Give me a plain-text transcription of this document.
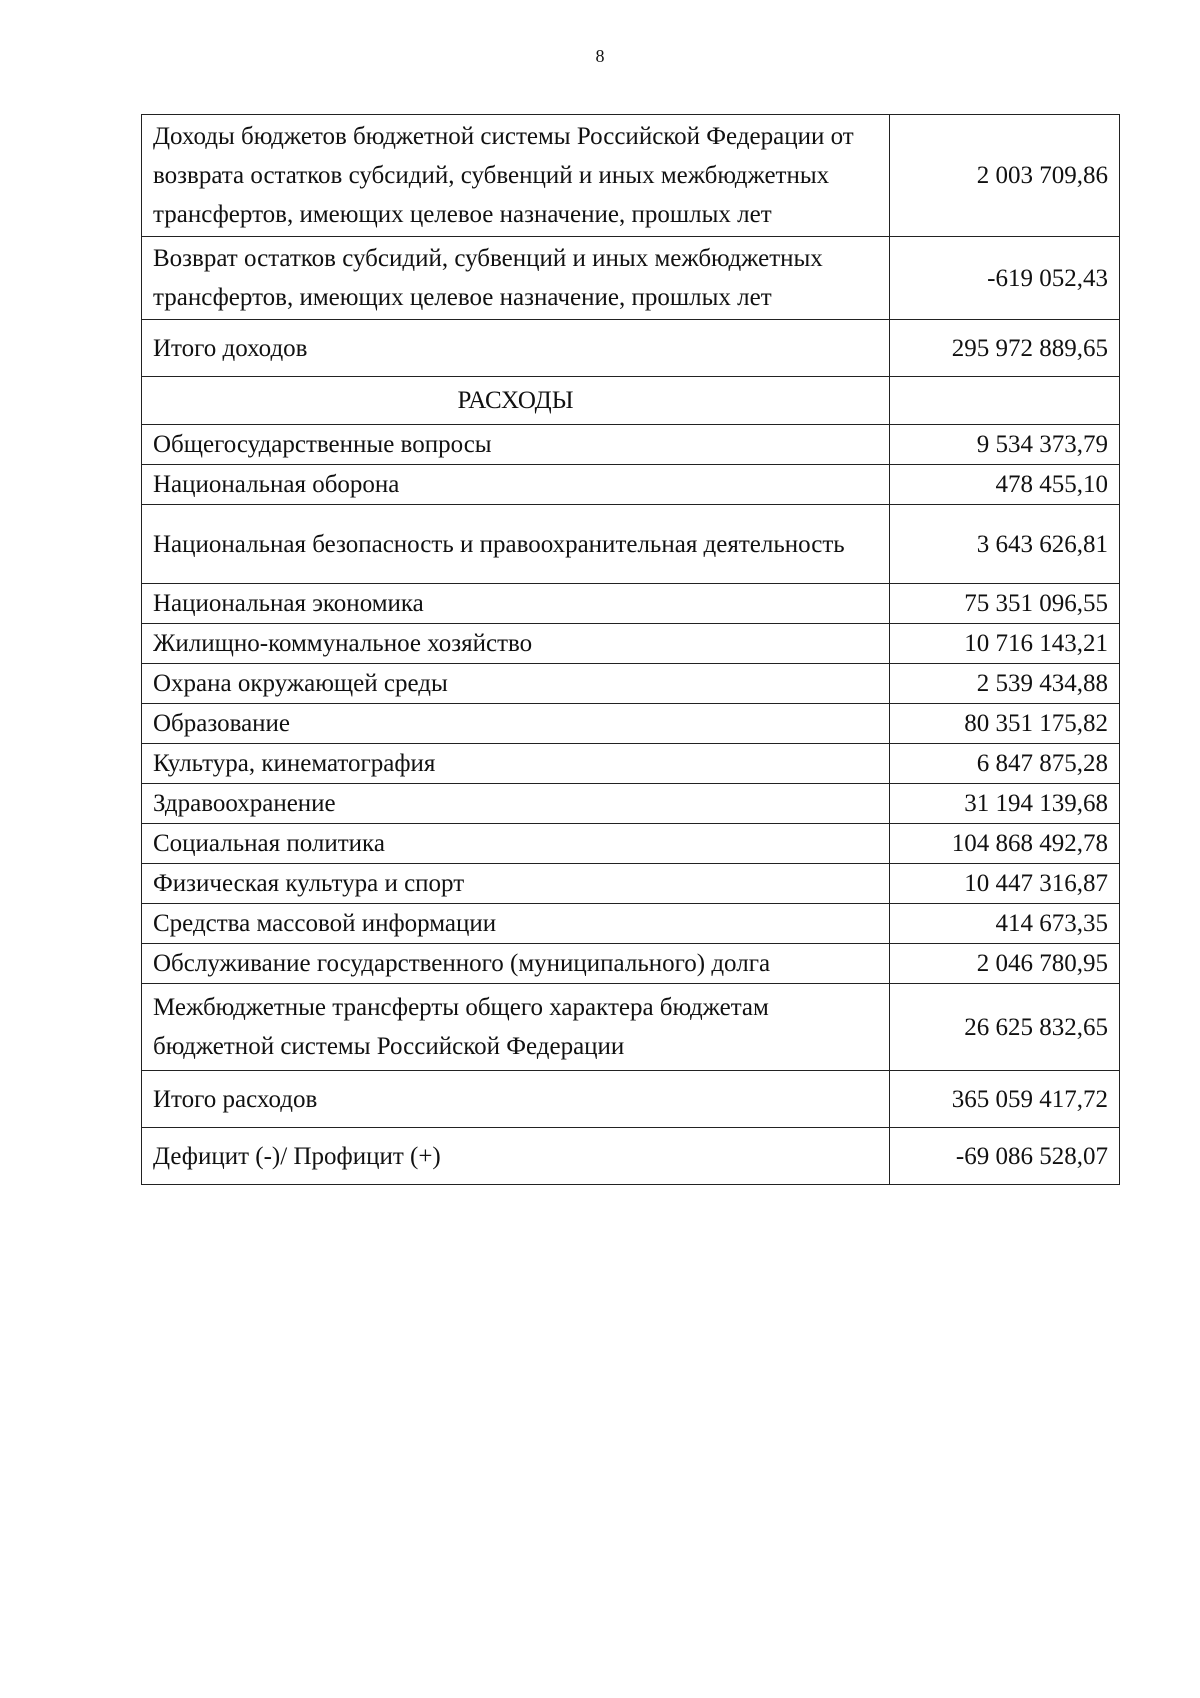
8
Доходы бюджетов бюджетной системы Российской Федерации от возврата остатков субсидий, субвенций и иных межбюджетных трансфертов, имеющих целевое назначение, прошлых лет	2 003 709,86
Возврат остатков субсидий, субвенций и иных межбюджетных трансфертов, имеющих целевое назначение, прошлых лет	-619 052,43
Итого доходов	295 972 889,65
РАСХОДЫ	
Общегосударственные вопросы	9 534 373,79
Национальная оборона	478 455,10
Национальная безопасность и правоохранительная деятельность	3 643 626,81
Национальная экономика	75 351 096,55
Жилищно-коммунальное хозяйство	10 716 143,21
Охрана окружающей среды	2 539 434,88
Образование	80 351 175,82
Культура, кинематография	6 847 875,28
Здравоохранение	31 194 139,68
Социальная политика	104 868 492,78
Физическая культура и спорт	10 447 316,87
Средства массовой информации	414 673,35
Обслуживание государственного (муниципального) долга	2 046 780,95
Межбюджетные трансферты общего характера бюджетам бюджетной системы Российской Федерации	26 625 832,65
Итого расходов	365 059 417,72
Дефицит (-)/ Профицит (+)	-69 086 528,07
